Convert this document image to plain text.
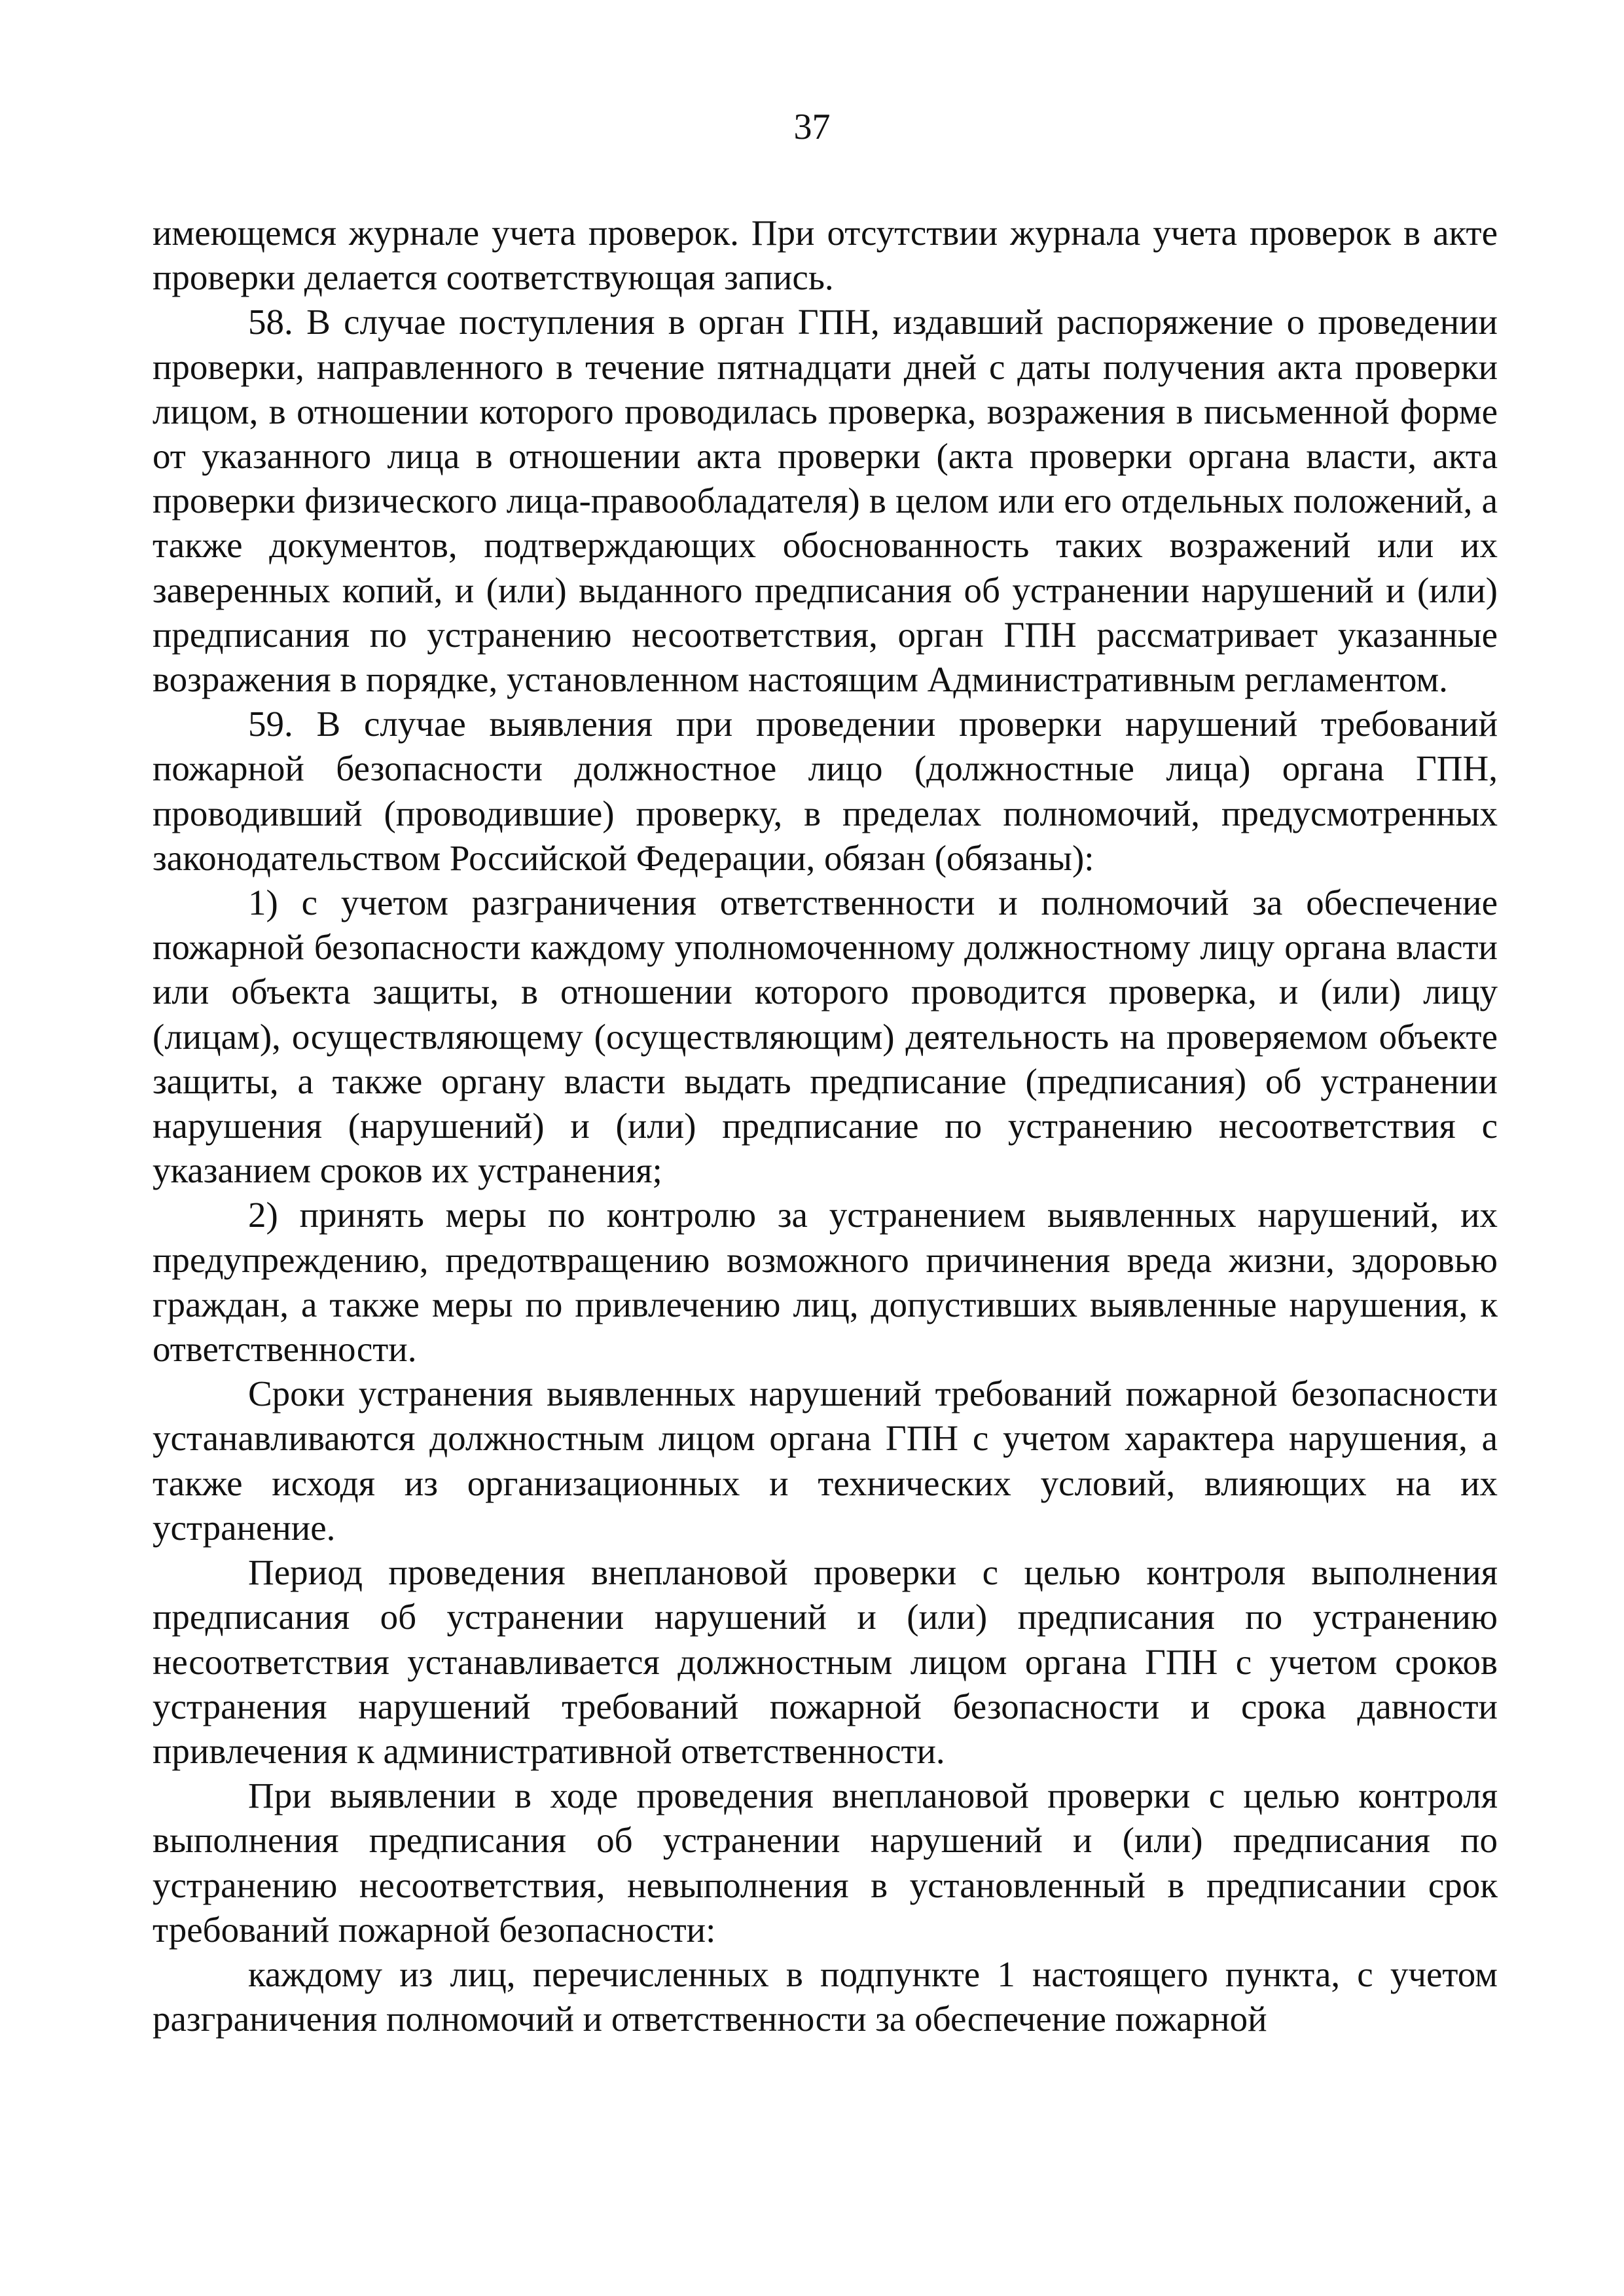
37

имеющемся журнале учета проверок. При отсутствии журнала учета проверок в акте проверки делается соответствующая запись.

58. В случае поступления в орган ГПН, издавший распоряжение о проведении проверки, направленного в течение пятнадцати дней с даты получения акта проверки лицом, в отношении которого проводилась проверка, возражения в письменной форме от указанного лица в отношении акта проверки (акта проверки органа власти, акта проверки физического лица-правообладателя) в целом или его отдельных положений, а также документов, подтверждающих обоснованность таких возражений или их заверенных копий, и (или) выданного предписания об устранении нарушений и (или) предписания по устранению несоответствия, орган ГПН рассматривает указанные возражения в порядке, установленном настоящим Административным регламентом.

59. В случае выявления при проведении проверки нарушений требований пожарной безопасности должностное лицо (должностные лица) органа ГПН, проводивший (проводившие) проверку, в пределах полномочий, предусмотренных законодательством Российской Федерации, обязан (обязаны):

1) с учетом разграничения ответственности и полномочий за обеспечение пожарной безопасности каждому уполномоченному должностному лицу органа власти или объекта защиты, в отношении которого проводится проверка, и (или) лицу (лицам), осуществляющему (осуществляющим) деятельность на проверяемом объекте защиты, а также органу власти выдать предписание (предписания) об устранении нарушения (нарушений) и (или) предписание по устранению несоответствия с указанием сроков их устранения;

2) принять меры по контролю за устранением выявленных нарушений, их предупреждению, предотвращению возможного причинения вреда жизни, здоровью граждан, а также меры по привлечению лиц, допустивших выявленные нарушения, к ответственности.

Сроки устранения выявленных нарушений требований пожарной безопасности устанавливаются должностным лицом органа ГПН с учетом характера нарушения, а также исходя из организационных и технических условий, влияющих на их устранение.

Период проведения внеплановой проверки с целью контроля выполнения предписания об устранении нарушений и (или) предписания по устранению несоответствия устанавливается должностным лицом органа ГПН с учетом сроков устранения нарушений требований пожарной безопасности и срока давности привлечения к административной ответственности.

При выявлении в ходе проведения внеплановой проверки с целью контроля выполнения предписания об устранении нарушений и (или) предписания по устранению несоответствия, невыполнения в установленный в предписании срок требований пожарной безопасности:

каждому из лиц, перечисленных в подпункте 1 настоящего пункта, с учетом разграничения полномочий и ответственности за обеспечение пожарной
